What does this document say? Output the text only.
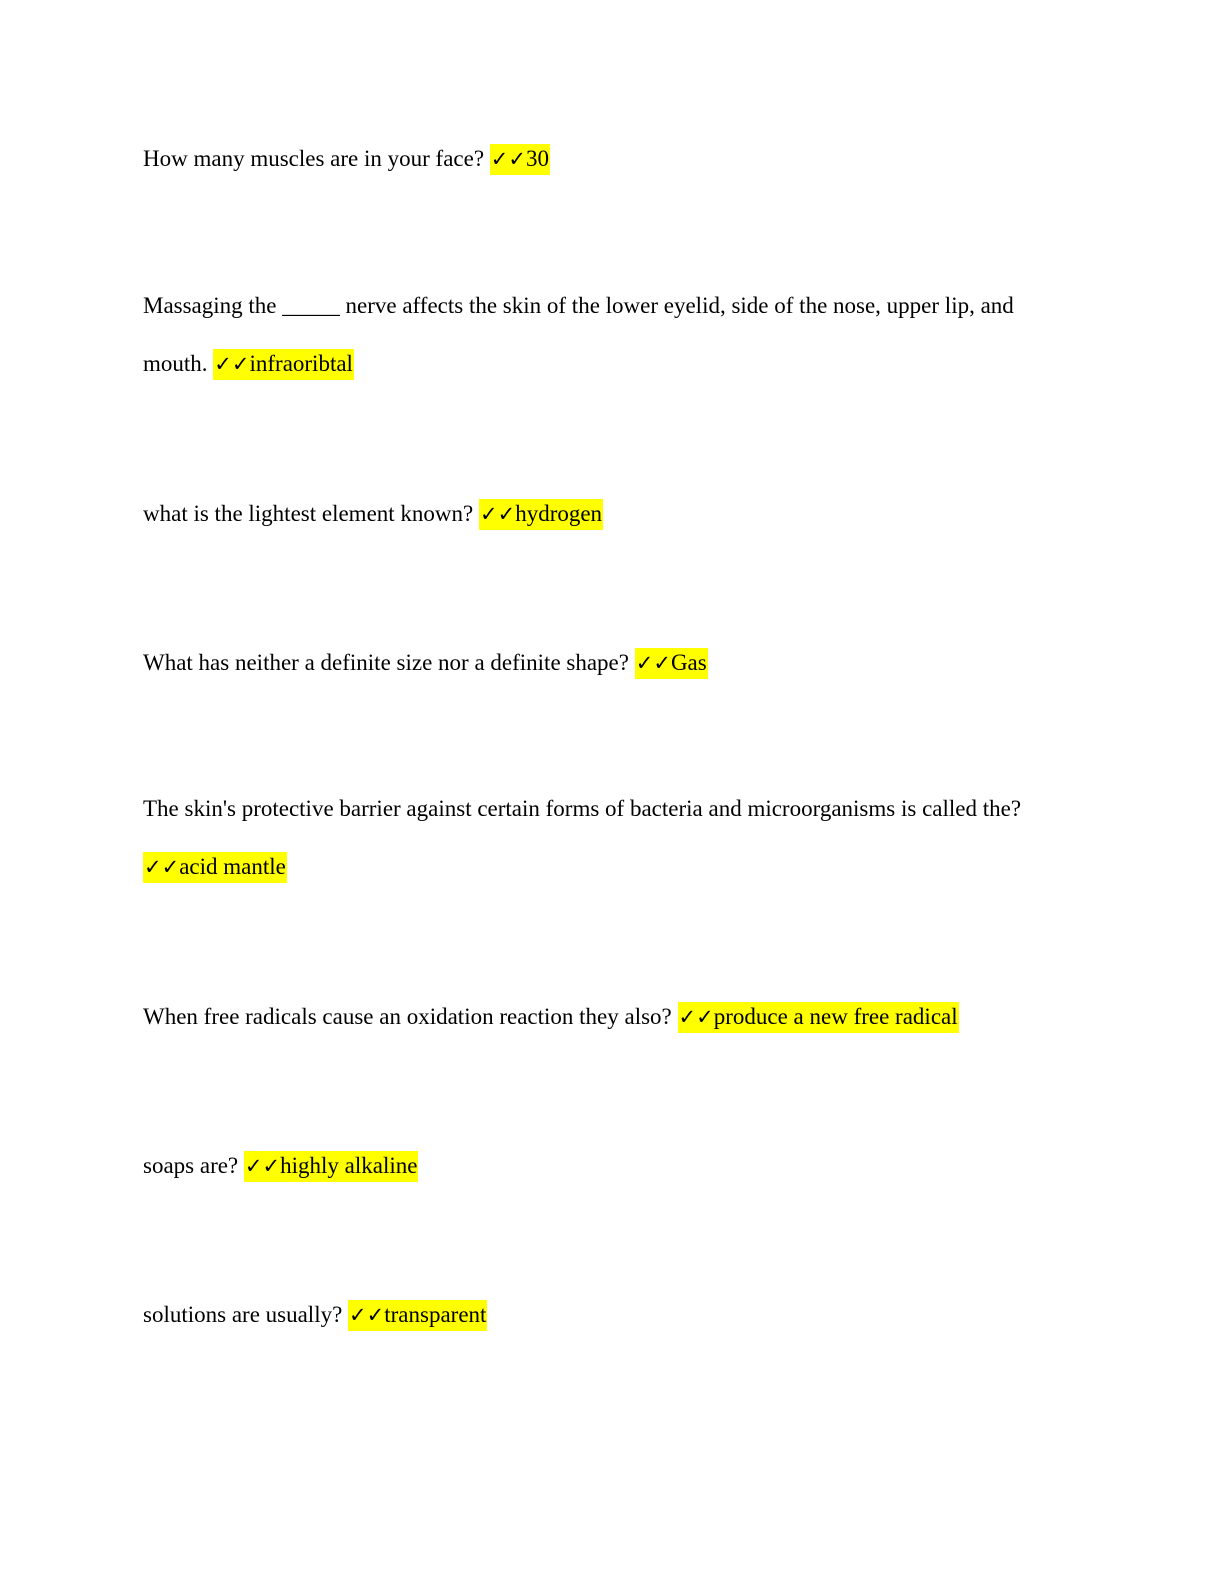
How many muscles are in your face? ✓✓30

Massaging the _____ nerve affects the skin of the lower eyelid, side of the nose, upper lip, and mouth. ✓✓infraoribtal

what is the lightest element known? ✓✓hydrogen

What has neither a definite size nor a definite shape? ✓✓Gas

The skin's protective barrier against certain forms of bacteria and microorganisms is called the? ✓✓acid mantle

When free radicals cause an oxidation reaction they also? ✓✓produce a new free radical

soaps are? ✓✓highly alkaline

solutions are usually? ✓✓transparent
